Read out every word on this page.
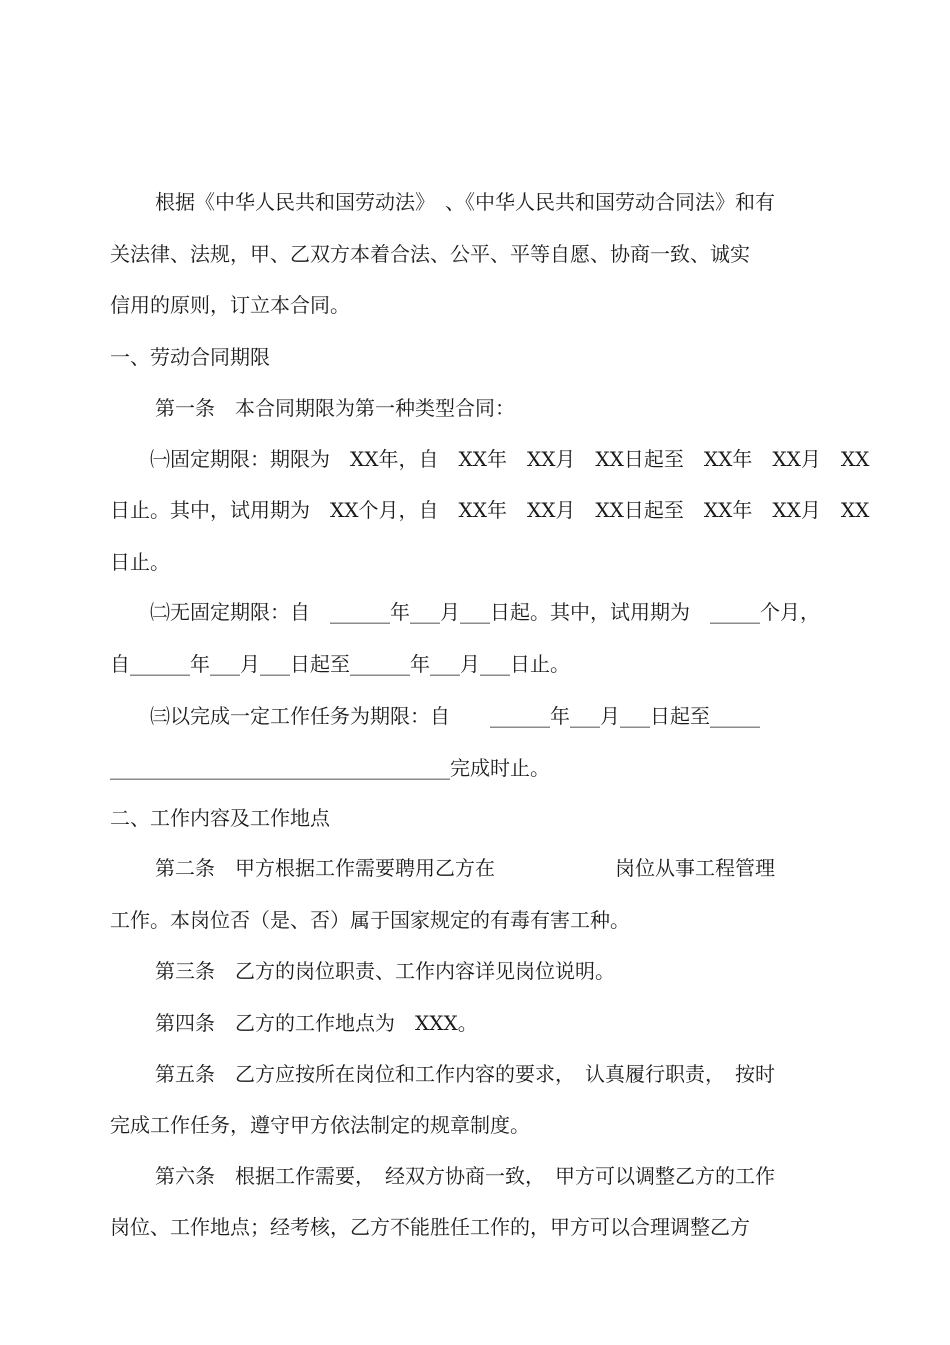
根据《中华人民共和国劳动法》　、《中华人民共和国劳动合同法》和有
关法律、法规，甲、乙双方本着合法、公平、平等自愿、协商一致、诚实
信用的原则，订立本合同。
一、劳动合同期限
第一条　本合同期限为第一种类型合同：
㈠固定期限：期限为　XX年，自　XX年　XX月　XX日起至　XX年　XX月　XX
日止。其中，试用期为　XX个月，自　XX年　XX月　XX日起至　XX年　XX月　XX
日止。
㈡无固定期限：自　______年___月___日起。其中，试用期为　_____个月，
自______年___月___日起至______年___月___日止。
㈢以完成一定工作任务为期限：自　　______年___月___日起至_____
__________________________________完成时止。
二、工作内容及工作地点
第二条　甲方根据工作需要聘用乙方在　　　　　　岗位从事工程管理
工作。本岗位否（是、否）属于国家规定的有毒有害工种。
第三条　乙方的岗位职责、工作内容详见岗位说明。
第四条　乙方的工作地点为　XXX。
第五条　乙方应按所在岗位和工作内容的要求，　认真履行职责，　按时
完成工作任务，遵守甲方依法制定的规章制度。
第六条　根据工作需要，　经双方协商一致，　甲方可以调整乙方的工作
岗位、工作地点；经考核，乙方不能胜任工作的，甲方可以合理调整乙方
